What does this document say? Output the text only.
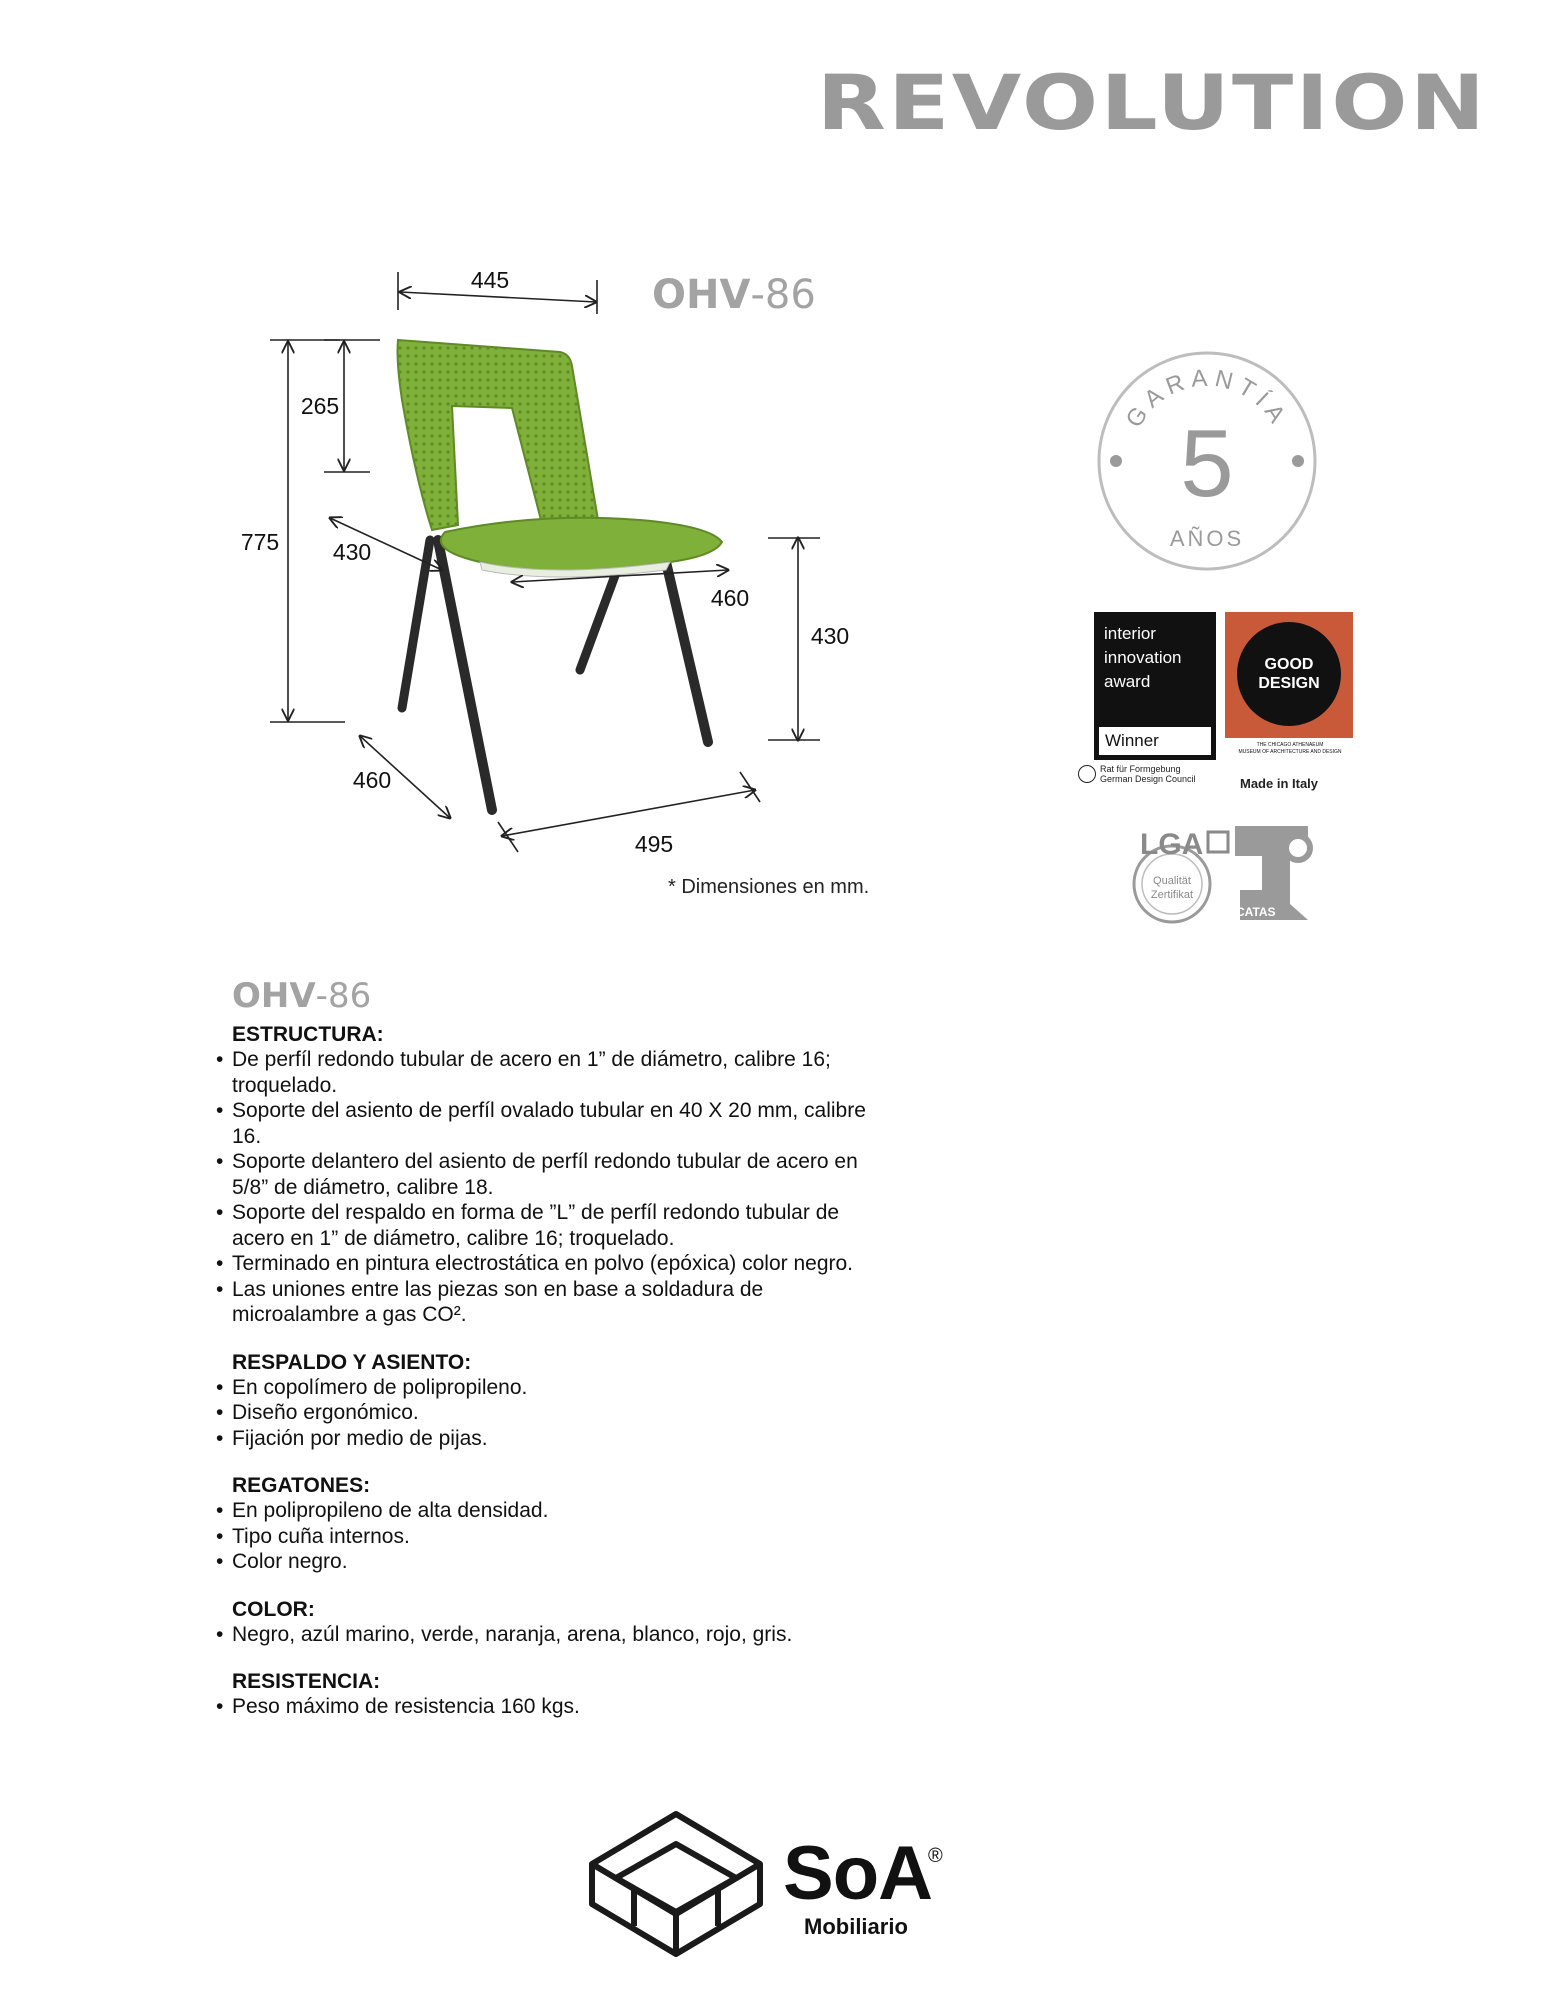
REVOLUTION
OHV-86
445
265
775 430
460
430
460
495
* Dimensiones en mm.
GARANTÍA
5
AÑOS
interior
innovation
award
Winner
Rat für Formgebung
German Design Council
GOOD
DESIGN
THE CHICAGO ATHENAEUM
MUSEUM OF ARCHITECTURE AND DESIGN
Made in Italy
LGA
Qualität
Zertifikat
CATAS
OHV-86
ESTRUCTURA:
• De perfíl redondo tubular de acero en 1” de diámetro, calibre 16; troquelado.
• Soporte del asiento de perfíl ovalado tubular en 40 X 20 mm, calibre 16.
• Soporte delantero del asiento de perfíl redondo tubular de acero en 5/8” de diámetro, calibre 18.
• Soporte del respaldo en forma de ”L” de perfíl redondo tubular de acero en 1” de diámetro, calibre 16; troquelado.
• Terminado en pintura electrostática en polvo (epóxica) color negro.
• Las uniones entre las piezas son en base a soldadura de microalambre a gas CO².
RESPALDO Y ASIENTO:
• En copolímero de polipropileno.
• Diseño ergonómico.
• Fijación por medio de pijas.
REGATONES:
• En polipropileno de alta densidad.
• Tipo cuña internos.
• Color negro.
COLOR:
• Negro, azúl marino, verde, naranja, arena, blanco, rojo, gris.
RESISTENCIA:
• Peso máximo de resistencia 160 kgs.
SoA
®
Mobiliario
